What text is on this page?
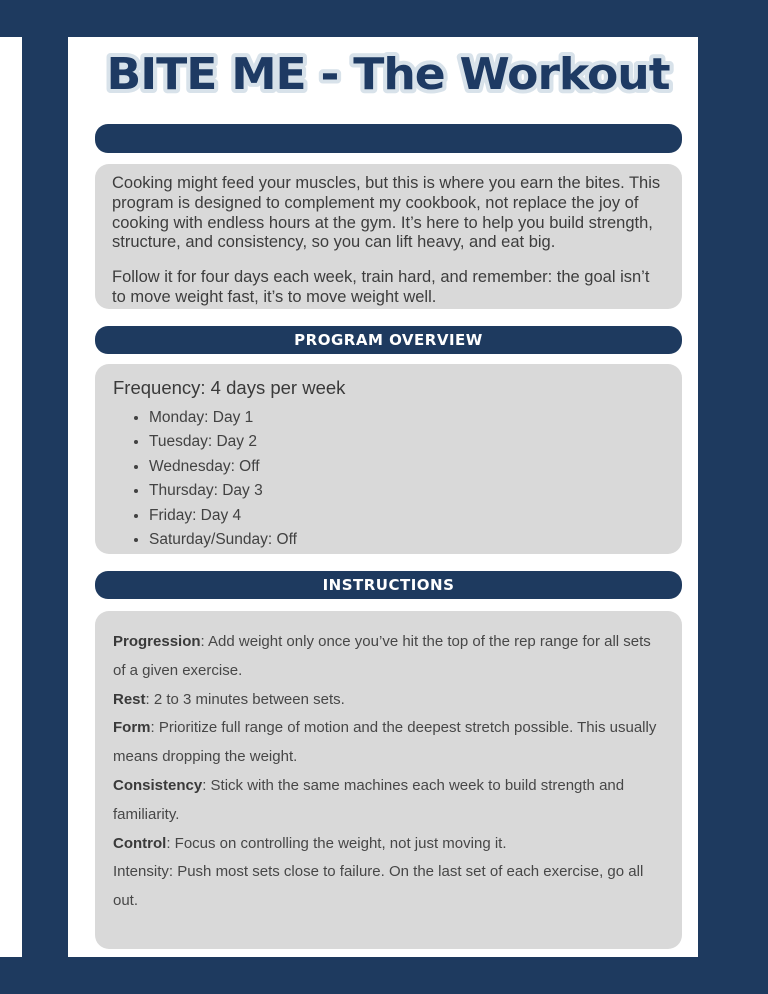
BITE ME - The Workout

Cooking might feed your muscles, but this is where you earn the bites. This program is designed to complement my cookbook, not replace the joy of cooking with endless hours at the gym. It’s here to help you build strength, structure, and consistency, so you can lift heavy, and eat big.

Follow it for four days each week, train hard, and remember: the goal isn’t to move weight fast, it’s to move weight well.

PROGRAM OVERVIEW
Frequency: 4 days per week
• Monday: Day 1
• Tuesday: Day 2
• Wednesday: Off
• Thursday: Day 3
• Friday: Day 4
• Saturday/Sunday: Off
INSTRUCTIONS

Progression: Add weight only once you’ve hit the top of the rep range for all sets of a given exercise.

Rest: 2 to 3 minutes between sets.

Form: Prioritize full range of motion and the deepest stretch possible. This usually means dropping the weight.

Consistency: Stick with the same machines each week to build strength and familiarity.

Control: Focus on controlling the weight, not just moving it.

Intensity: Push most sets close to failure. On the last set of each exercise, go all out.
